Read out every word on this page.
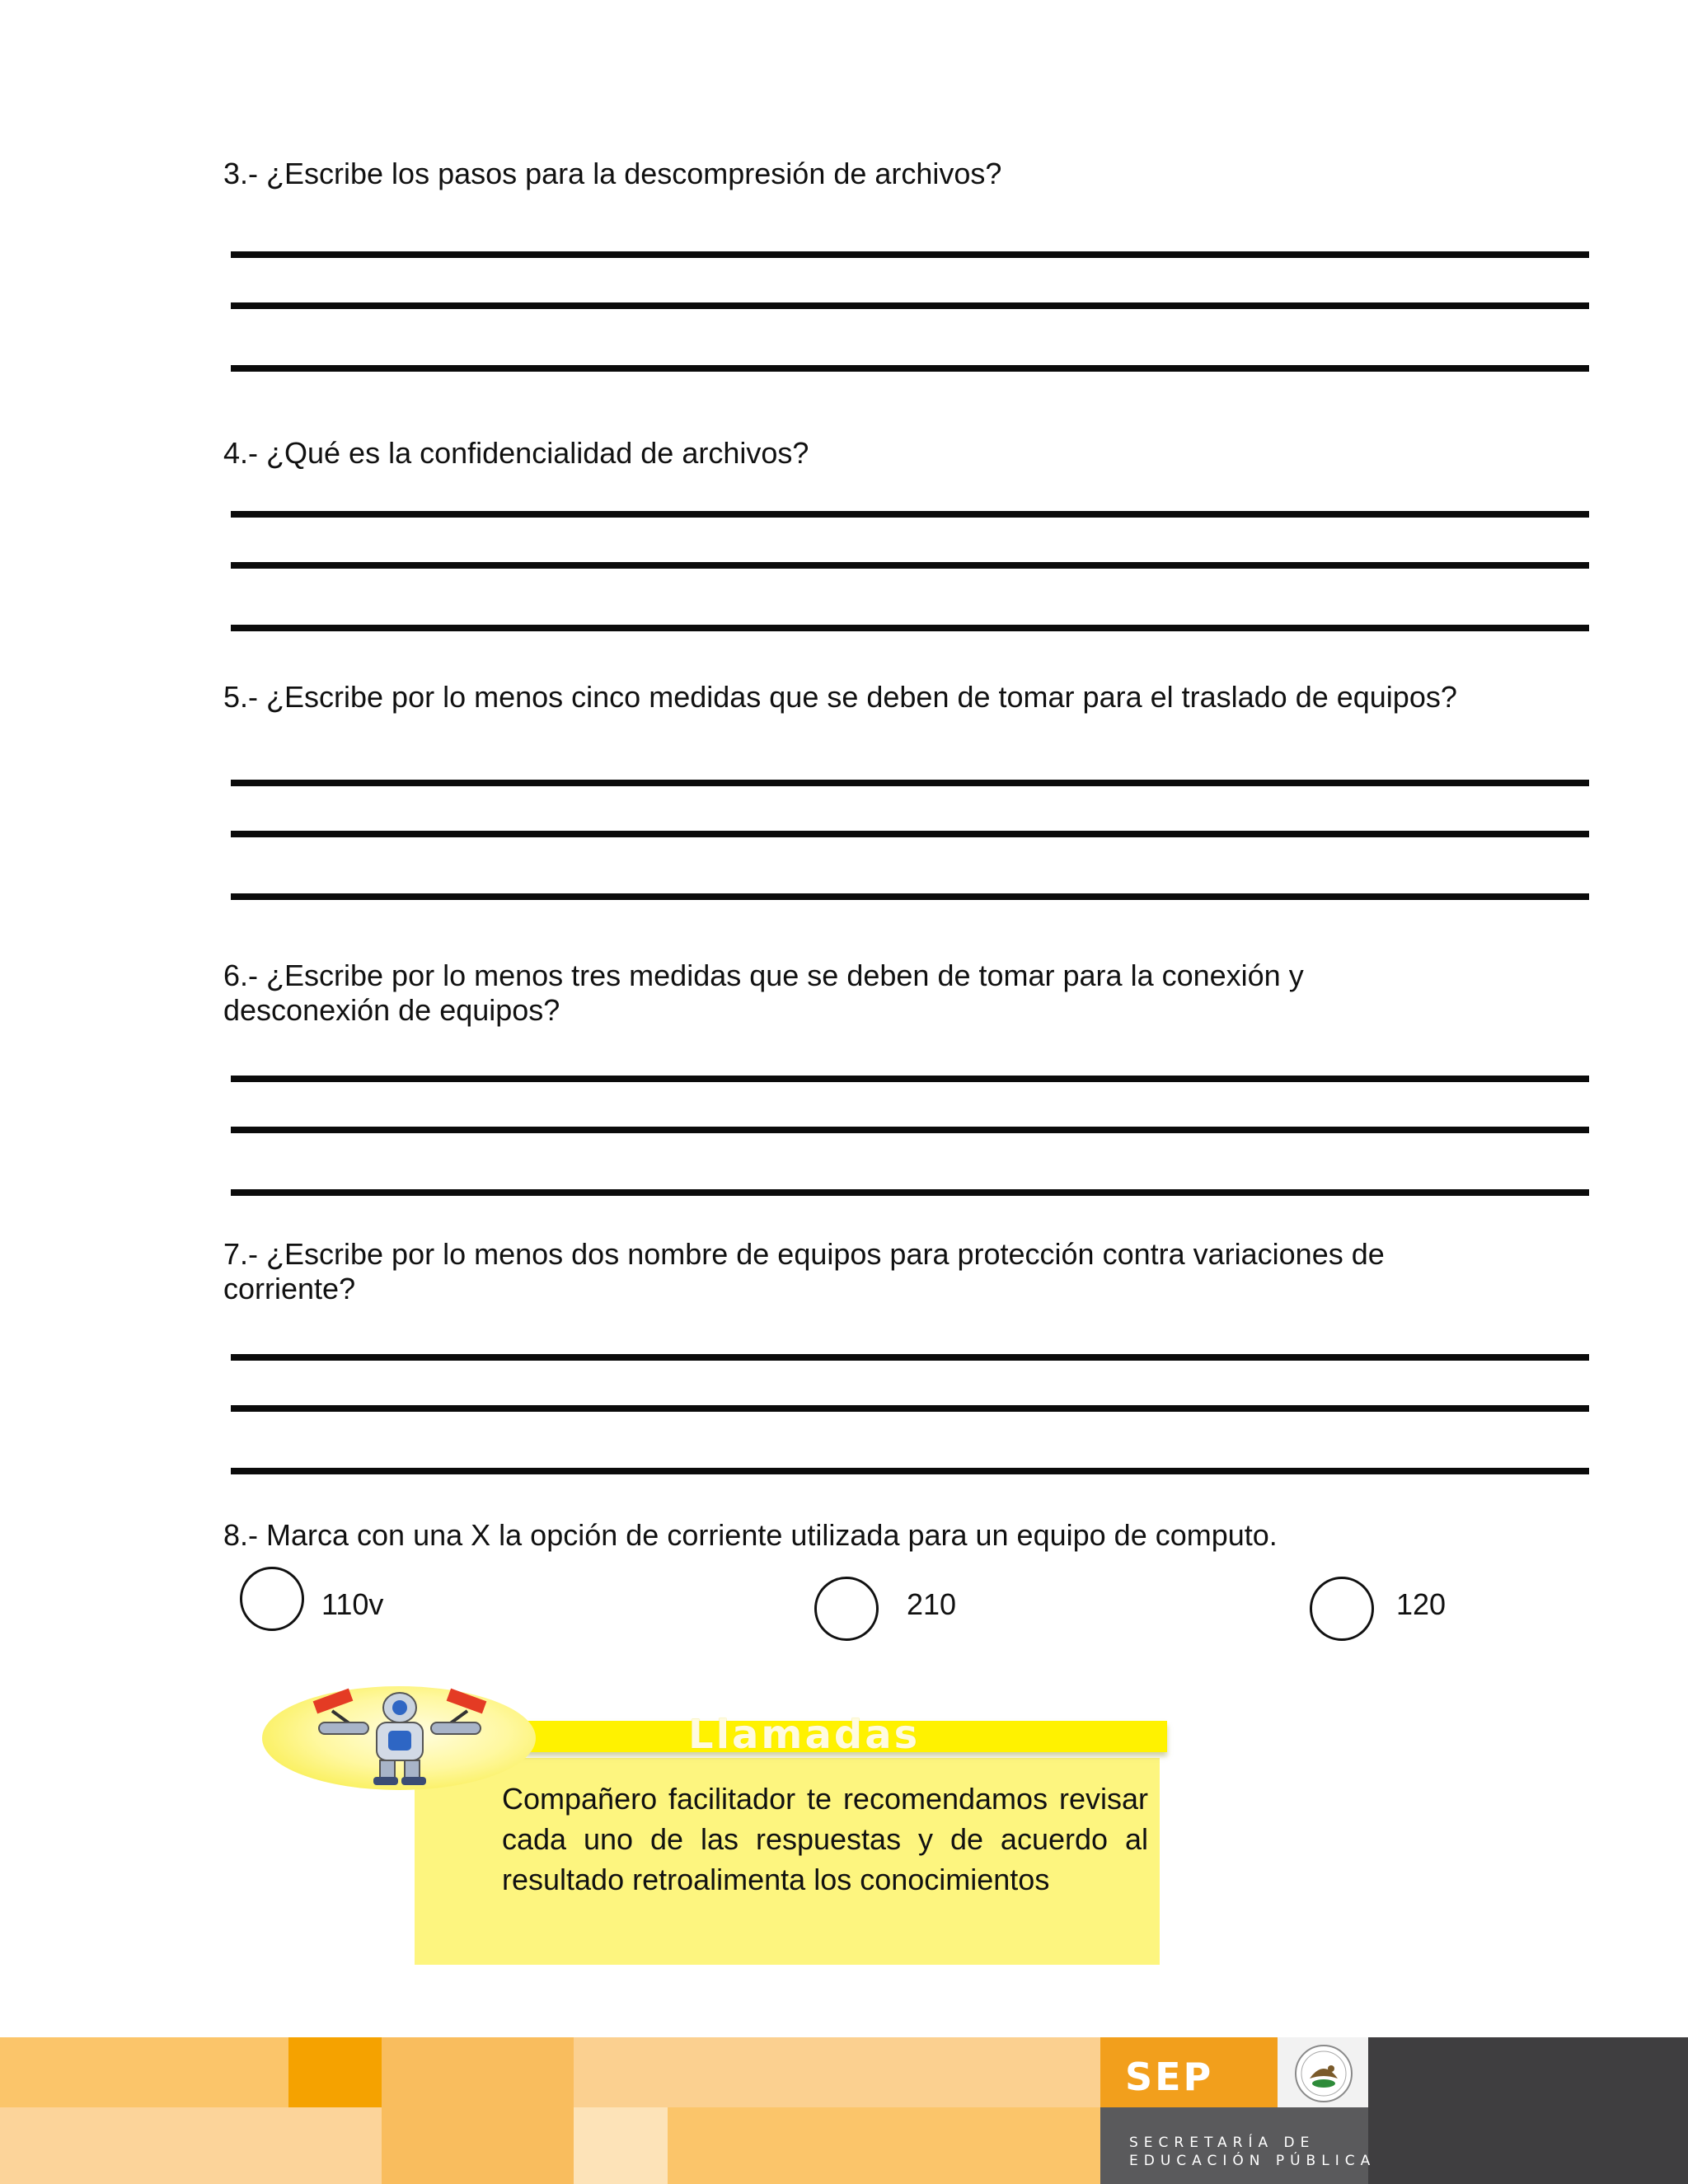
3.- ¿Escribe los pasos para la descompresión de archivos?

4.- ¿Qué es la confidencialidad de archivos?

5.- ¿Escribe por lo menos cinco medidas que se deben de tomar para el traslado de equipos?

6.- ¿Escribe por lo menos tres medidas que se deben de tomar para la conexión y desconexión de equipos?

7.- ¿Escribe por lo menos dos nombre de equipos para protección contra variaciones de corriente?

8.- Marca con una X la opción de corriente utilizada para un equipo de computo.

110v	210	120
Llamadas
Compañero facilitador te recomendamos revisar cada uno de las respuestas y de acuerdo al resultado retroalimenta los conocimientos
SEP
SECRETARÍA DE
EDUCACIÓN PÚBLICA
